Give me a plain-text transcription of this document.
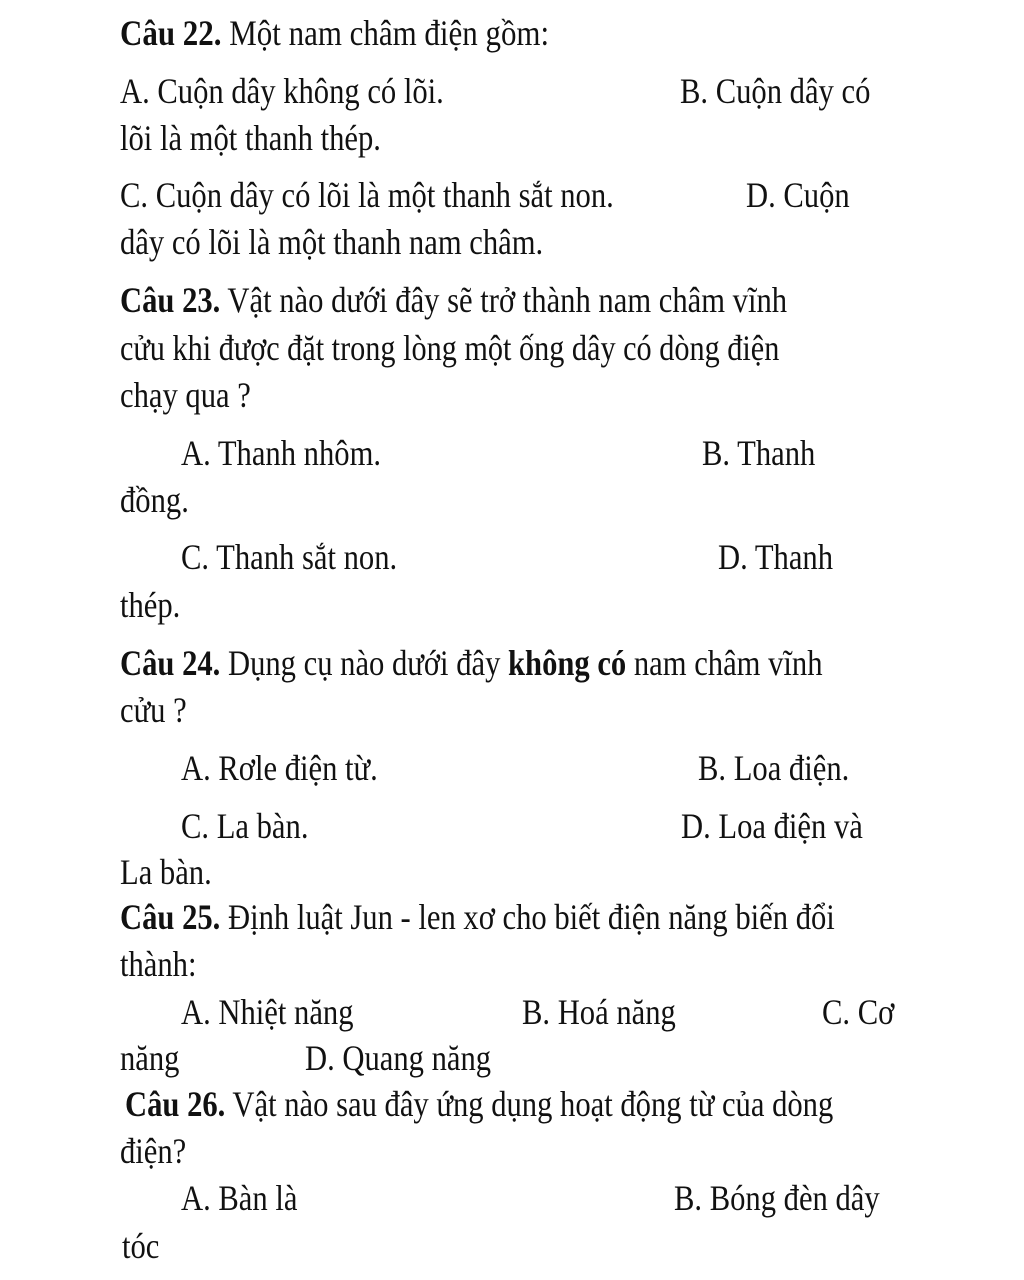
Câu 22. Một nam châm điện gồm:
A. Cuộn dây không có lõi.	B. Cuộn dây có
lõi là một thanh thép.
C. Cuộn dây có lõi là một thanh sắt non.	D. Cuộn
dây có lõi là một thanh nam châm.
Câu 23. Vật nào dưới đây sẽ trở thành nam châm vĩnh
cửu khi được đặt trong lòng một ống dây có dòng điện
chạy qua ?
A. Thanh nhôm.	B. Thanh
đồng.
C. Thanh sắt non.	D. Thanh
thép.
Câu 24. Dụng cụ nào dưới đây không có nam châm vĩnh
cửu ?
A. Rơle điện từ.	B. Loa điện.
C. La bàn.	D. Loa điện và
La bàn.
Câu 25. Định luật Jun - len xơ cho biết điện năng biến đổi
thành:
A. Nhiệt năng	B. Hoá năng	C. Cơ
năng	D. Quang năng
Câu 26. Vật nào sau đây ứng dụng hoạt động từ của dòng
điện?
A. Bàn là	B. Bóng đèn dây
tóc
